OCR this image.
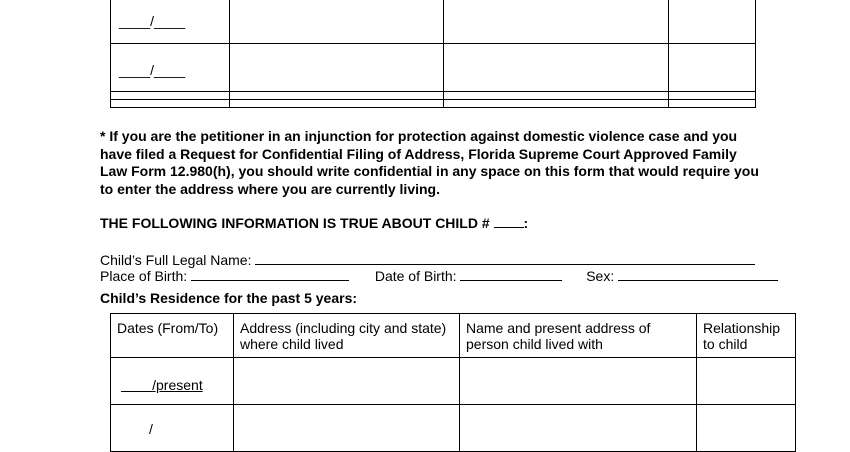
____/____			

____/____			

* If you are the petitioner in an injunction for protection against domestic violence case and you have filed a Request for Confidential Filing of Address, Florida Supreme Court Approved Family Law Form 12.980(h), you should write confidential in any space on this form that would require you to enter the address where you are currently living.
THE FOLLOWING INFORMATION IS TRUE ABOUT CHILD # :
Child’s Full Legal Name:
Place of Birth:	Date of Birth:	Sex:
Child’s Residence for the past 5 years:
Dates (From/To)	Address (including city and state) where child lived	Name and present address of person child lived with	Relationship to child

/present			

/			
